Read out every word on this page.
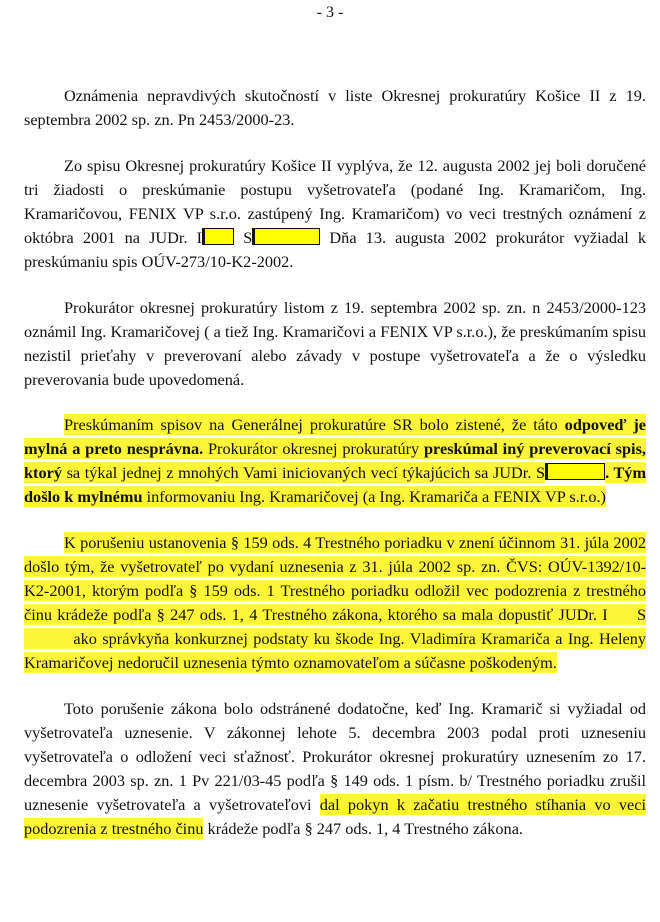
- 3 -

Oznámenia nepravdivých skutočností v liste Okresnej prokuratúry Košice II z 19. septembra 2002 sp. zn. Pn 2453/2000-23.

Zo spisu Okresnej prokuratúry Košice II vyplýva, že 12. augusta 2002 jej boli doručené tri žiadosti o preskúmanie postupu vyšetrovateľa (podané Ing. Kramaričom, Ing. Kramaričovou, FENIX VP s.r.o. zastúpený Ing. Kramaričom) vo veci trestných oznámení z októbra 2001 na JUDr. I S	Dňa 13. augusta 2002 prokurátor vyžiadal k preskúmaniu spis OÚV-273/10-K2-2002.

Prokurátor okresnej prokuratúry listom z 19. septembra 2002 sp. zn. n 2453/2000-123 oznámil Ing. Kramaričovej ( a tiež Ing. Kramaričovi a FENIX VP s.r.o.), že preskúmaním spisu nezistil prieťahy v preverovaní alebo závady v postupe vyšetrovateľa a že o výsledku preverovania bude upovedomená.

Preskúmaním spisov na Generálnej prokuratúre SR bolo zistené, že táto odpoveď je mylná a preto nesprávna. Prokurátor okresnej prokuratúry preskúmal iný preverovací spis, ktorý sa týkal jednej z mnohých Vami iniciovaných vecí týkajúcich sa JUDr. S	. Tým došlo k mylnému informovaniu Ing. Kramaričovej (a Ing. Kramariča a FENIX VP s.r.o.)

K porušeniu ustanovenia § 159 ods. 4 Trestného poriadku v znení účinnom 31. júla 2002 došlo tým, že vyšetrovateľ po vydaní uznesenia z 31. júla 2002 sp. zn. ČVS: OÚV-1392/10-K2-2001, ktorým podľa § 159 ods. 1 Trestného poriadku odložil vec podozrenia z trestného činu krádeže podľa § 247 ods. 1, 4 Trestného zákona, ktorého sa mala dopustiť JUDr. I S ako správkyňa konkurznej podstaty ku škode Ing. Vladimíra Kramariča a Ing. Heleny Kramaričovej nedoručil uznesenia týmto oznamovateľom a súčasne poškodeným.

Toto porušenie zákona bolo odstránené dodatočne, keď Ing. Kramarič si vyžiadal od vyšetrovateľa uznesenie. V zákonnej lehote 5. decembra 2003 podal proti uzneseniu vyšetrovateľa o odložení veci sťažnosť. Prokurátor okresnej prokuratúry uznesením zo 17. decembra 2003 sp. zn. 1 Pv 221/03-45 podľa § 149 ods. 1 písm. b/ Trestného poriadku zrušil uznesenie vyšetrovateľa a vyšetrovateľovi dal pokyn k začatiu trestného stíhania vo veci podozrenia z trestného činu krádeže podľa § 247 ods. 1, 4 Trestného zákona.
